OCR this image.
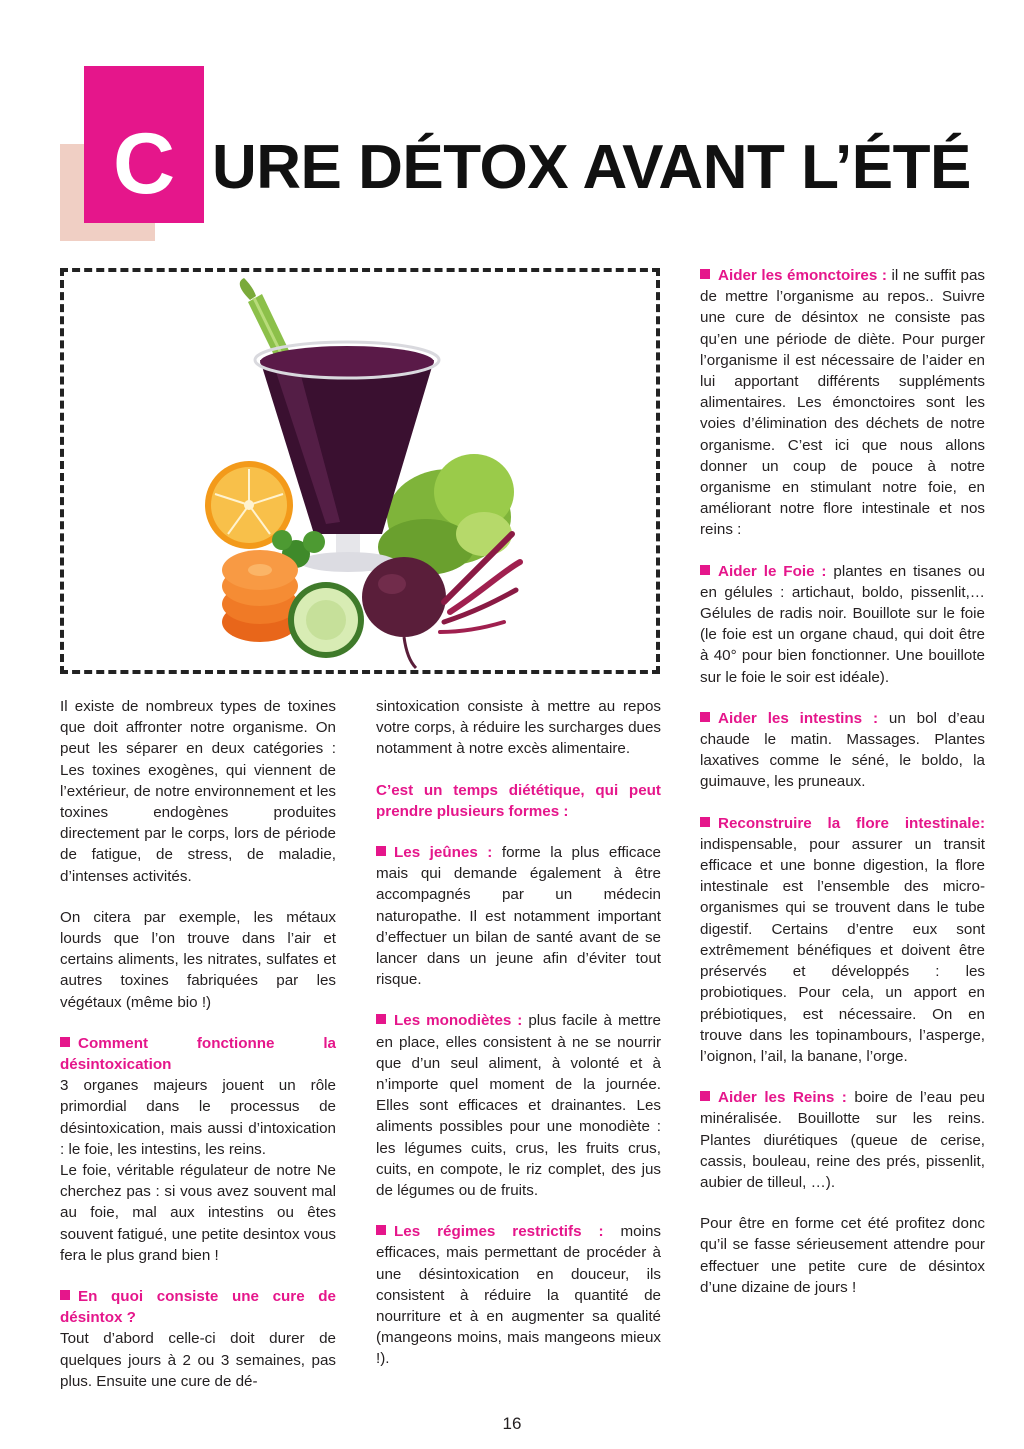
C URE DÉTOX AVANT L’ÉTÉ

Il existe de nombreux types de toxines que doit affronter notre organisme. On peut les séparer en deux catégories : Les toxines exogènes, qui viennent de l’extérieur, de notre environnement et les toxines endogènes produites directement par le corps, lors de période de fatigue, de stress, de maladie, d’intenses activités.

On citera par exemple, les métaux lourds que l’on trouve dans l’air et certains aliments, les nitrates, sulfates et autres toxines fabriquées par les végétaux (même bio !)

Comment fonctionne la désintoxication

3 organes majeurs jouent un rôle primordial dans le processus de désintoxication, mais aussi d’intoxication : le foie, les intestins, les reins.

Le foie, véritable régulateur de notre Ne cherchez pas : si vous avez souvent mal au foie, mal aux intestins ou êtes souvent fatigué, une petite desintox vous fera le plus grand bien !

En quoi consiste une cure de désintox ?

Tout d’abord celle-ci doit durer de quelques jours à 2 ou 3 semaines, pas plus. Ensuite une cure de dé-

sintoxication consiste à mettre au repos votre corps, à réduire les surcharges dues notamment à notre excès alimentaire.

C’est un temps diététique, qui peut prendre plusieurs formes :

Les jeûnes : forme la plus efficace mais qui demande également à être accompagnés par un médecin naturopathe. Il est notamment important d’effectuer un bilan de santé avant de se lancer dans un jeune afin d’éviter tout risque.

Les monodiètes : plus facile à mettre en place, elles consistent à ne se nourrir que d’un seul aliment, à volonté et à n’importe quel moment de la journée. Elles sont efficaces et drainantes. Les aliments possibles pour une monodiète : les légumes cuits, crus, les fruits crus, cuits, en compote, le riz complet, des jus de légumes ou de fruits.

Les régimes restrictifs : moins efficaces, mais permettant de procéder à une désintoxication en douceur, ils consistent à réduire la quantité de nourriture et à en augmenter sa qualité (mangeons moins, mais mangeons mieux !).

Aider les émonctoires : il ne suffit pas de mettre l’organisme au repos.. Suivre une cure de désintox ne consiste pas qu’en une période de diète. Pour purger l’organisme il est nécessaire de l’aider en lui apportant différents suppléments alimentaires. Les émonctoires sont les voies d’élimination des déchets de notre organisme. C’est ici que nous allons donner un coup de pouce à notre organisme en stimulant notre foie, en améliorant notre flore intestinale et nos reins :

Aider le Foie : plantes en tisanes ou en gélules : artichaut, boldo, pissenlit,… Gélules de radis noir. Bouillote sur le foie (le foie est un organe chaud, qui doit être à 40° pour bien fonctionner. Une bouillote sur le foie le soir est idéale).

Aider les intestins : un bol d’eau chaude le matin. Massages. Plantes laxatives comme le séné, le boldo, la guimauve, les pruneaux.

Reconstruire la flore intestinale: indispensable, pour assurer un transit efficace et une bonne digestion, la flore intestinale est l’ensemble des micro-organismes qui se trouvent dans le tube digestif. Certains d’entre eux sont extrêmement bénéfiques et doivent être préservés et développés : les probiotiques. Pour cela, un apport en prébiotiques, est nécessaire. On en trouve dans les topinambours, l’asperge, l’oignon, l’ail, la banane, l’orge.

Aider les Reins : boire de l’eau peu minéralisée. Bouillotte sur les reins. Plantes diurétiques (queue de cerise, cassis, bouleau, reine des prés, pissenlit, aubier de tilleul, …).

Pour être en forme cet été profitez donc qu’il se fasse sérieusement attendre pour effectuer une petite cure de désintox d’une dizaine de jours !

16
